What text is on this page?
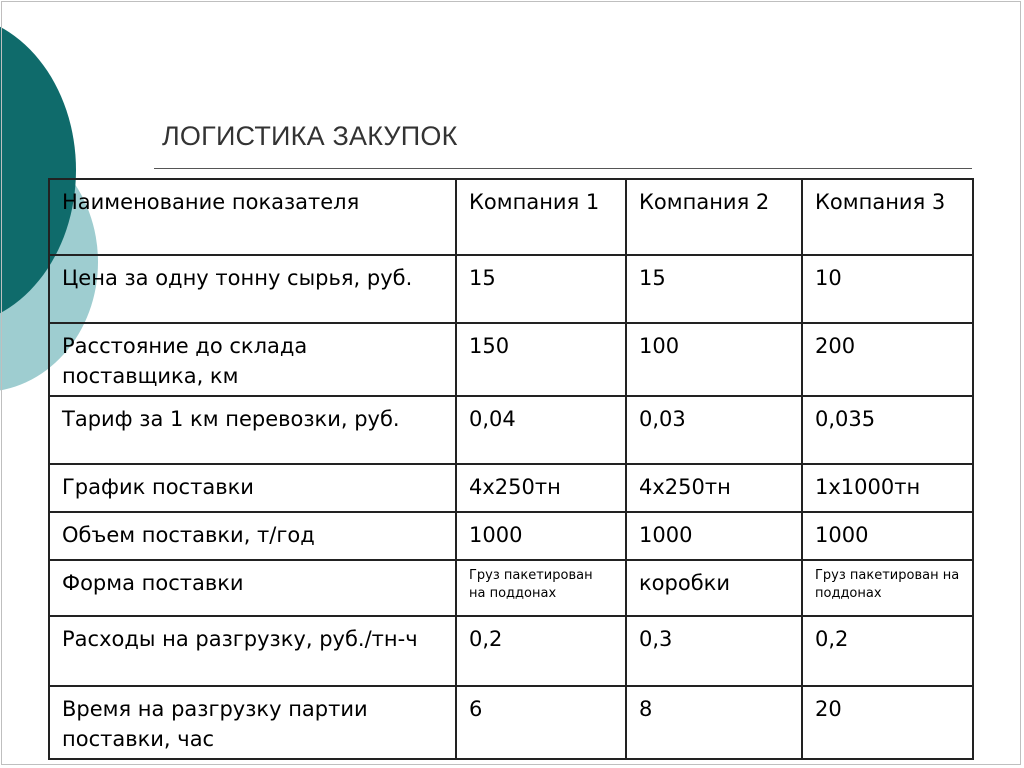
ЛОГИСТИКА ЗАКУПОК
Наименование показателя	Компания 1	Компания 2	Компания 3
Цена за одну тонну сырья, руб.	15	15	10
Расстояние до склада поставщика, км	150	100	200
Тариф за 1 км перевозки, руб.	0,04	0,03	0,035
График поставки	4х250тн	4х250тн	1х1000тн
Объем поставки, т/год	1000	1000	1000
Форма поставки	Груз пакетирован на поддонах	коробки	Груз пакетирован на поддонах
Расходы на разгрузку, руб./тн-ч	0,2	0,3	0,2
Время на разгрузку партии поставки, час	6	8	20
